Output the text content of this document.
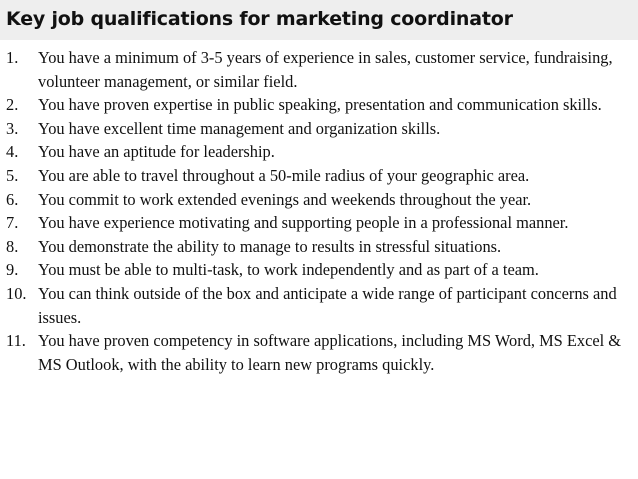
Key job qualifications for marketing coordinator
1. You have a minimum of 3-5 years of experience in sales, customer service, fundraising, volunteer management, or similar field.
2. You have proven expertise in public speaking, presentation and communication skills.
3. You have excellent time management and organization skills.
4. You have an aptitude for leadership.
5. You are able to travel throughout a 50-mile radius of your geographic area.
6. You commit to work extended evenings and weekends throughout the year.
7. You have experience motivating and supporting people in a professional manner.
8. You demonstrate the ability to manage to results in stressful situations.
9. You must be able to multi-task, to work independently and as part of a team.
10. You can think outside of the box and anticipate a wide range of participant concerns and issues.
11. You have proven competency in software applications, including MS Word, MS Excel & MS Outlook, with the ability to learn new programs quickly.
